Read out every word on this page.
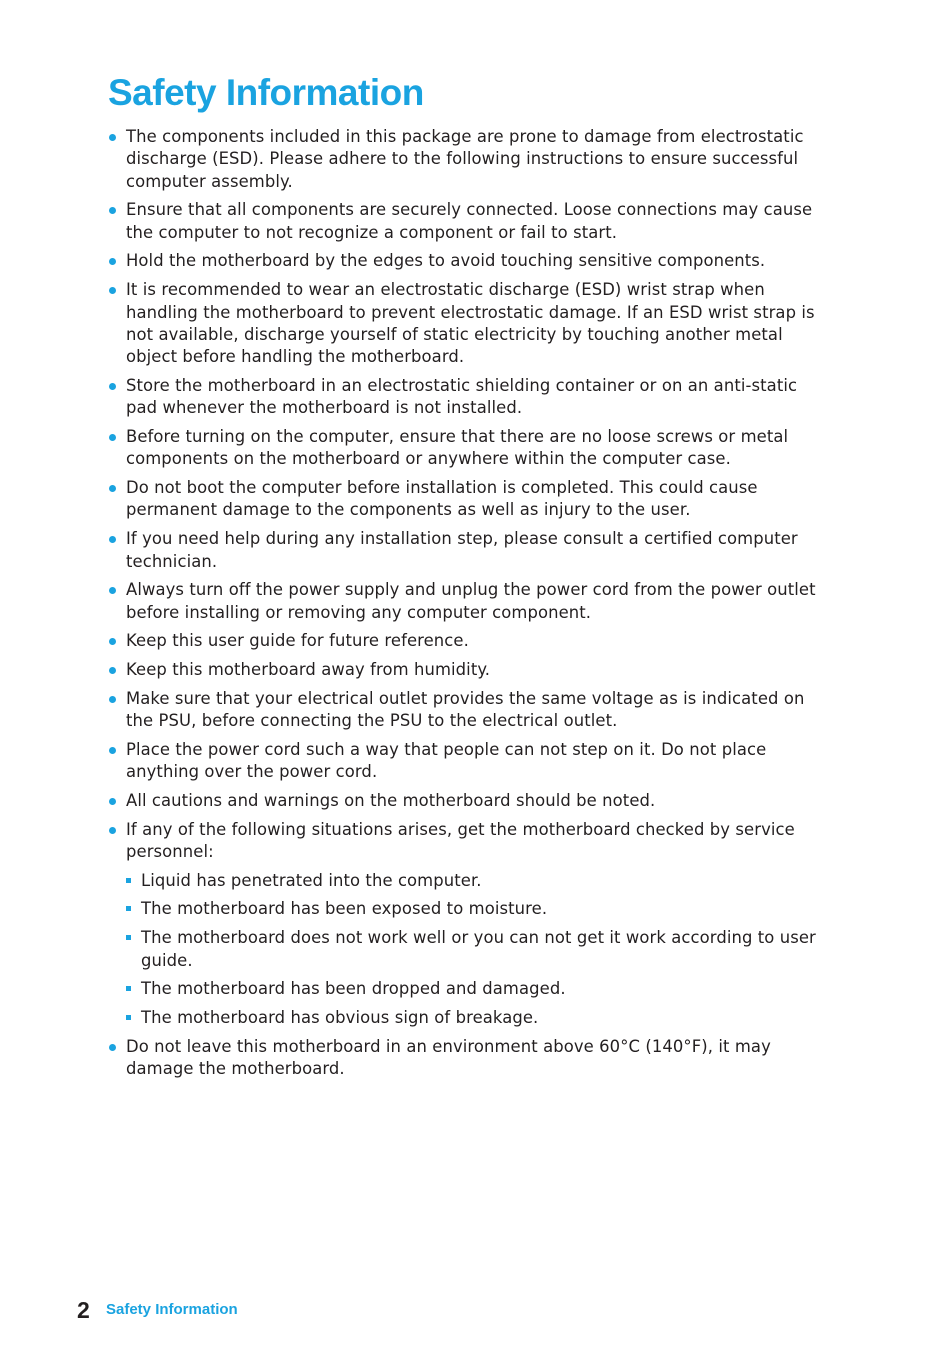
Safety Information
The components included in this package are prone to damage from electrostatic discharge (ESD). Please adhere to the following instructions to ensure successful computer assembly.
Ensure that all components are securely connected. Loose connections may cause the computer to not recognize a component or fail to start.
Hold the motherboard by the edges to avoid touching sensitive components.
It is recommended to wear an electrostatic discharge (ESD) wrist strap when handling the motherboard to prevent electrostatic damage. If an ESD wrist strap is not available, discharge yourself of static electricity by touching another metal object before handling the motherboard.
Store the motherboard in an electrostatic shielding container or on an anti-static pad whenever the motherboard is not installed.
Before turning on the computer, ensure that there are no loose screws or metal components on the motherboard or anywhere within the computer case.
Do not boot the computer before installation is completed. This could cause permanent damage to the components as well as injury to the user.
If you need help during any installation step, please consult a certified computer technician.
Always turn off the power supply and unplug the power cord from the power outlet before installing or removing any computer component.
Keep this user guide for future reference.
Keep this motherboard away from humidity.
Make sure that your electrical outlet provides the same voltage as is indicated on the PSU, before connecting the PSU to the electrical outlet.
Place the power cord such a way that people can not step on it. Do not place anything over the power cord.
All cautions and warnings on the motherboard should be noted.
If any of the following situations arises, get the motherboard checked by service personnel:
Liquid has penetrated into the computer.
The motherboard has been exposed to moisture.
The motherboard does not work well or you can not get it work according to user guide.
The motherboard has been dropped and damaged.
The motherboard has obvious sign of breakage.
Do not leave this motherboard in an environment above 60°C (140°F), it may damage the motherboard.
2 Safety Information
